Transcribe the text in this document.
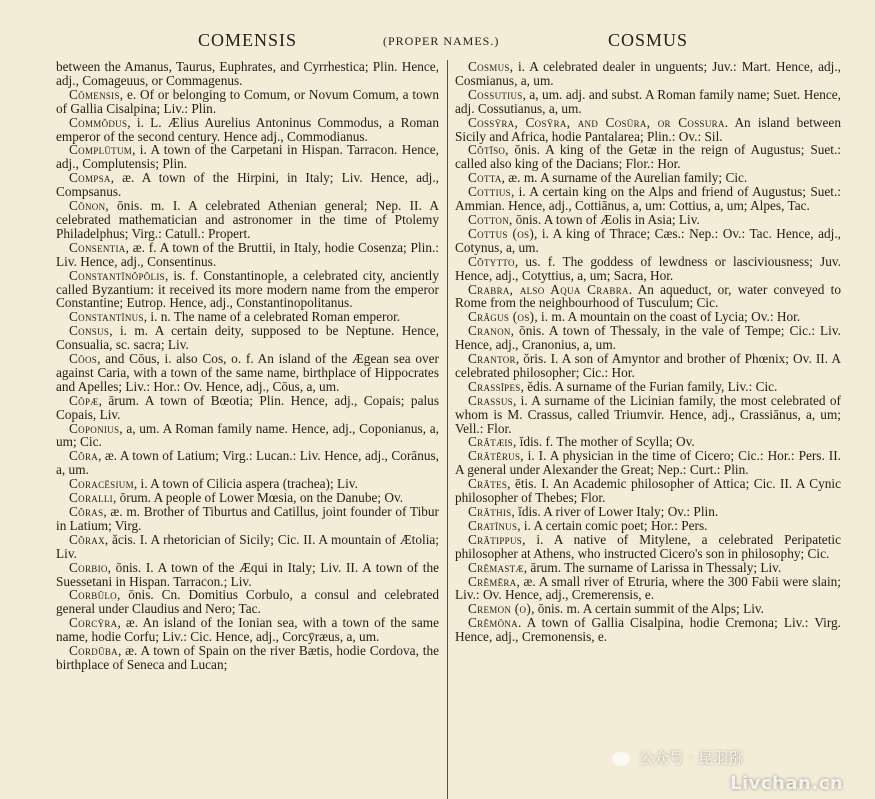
COMENSIS	(PROPER NAMES.)	COSMUS

between the Amanus, Taurus, Euphrates, and Cyrrhestica; Plin. Hence, adj., Comageuus, or Commagenus.

Cōmensis, e. Of or belonging to Comum, or Novum Comum, a town of Gallia Cisalpina; Liv.: Plin.

Commŏdus, i. L. Ælius Aurelius Antoninus Commodus, a Roman emperor of the second century. Hence adj., Commodianus.

Complūtum, i. A town of the Carpetani in Hispan. Tarracon. Hence, adj., Complutensis; Plin.

Compsa, æ. A town of the Hirpini, in Italy; Liv. Hence, adj., Compsanus.

Cŏnon, ōnis. m. I. A celebrated Athenian general; Nep. II. A celebrated mathematician and astronomer in the time of Ptolemy Philadelphus; Virg.: Catull.: Propert.

Consentia, æ. f. A town of the Bruttii, in Italy, hodie Cosenza; Plin.: Liv. Hence, adj., Consentinus.

Constantīnŏpŏlis, is. f. Constantinople, a celebrated city, anciently called Byzantium: it received its more modern name from the emperor Constantine; Eutrop. Hence, adj., Constantinopolitanus.

Constantīnus, i. n. The name of a celebrated Roman emperor.

Consus, i. m. A certain deity, supposed to be Neptune. Hence, Consualia, sc. sacra; Liv.

Cōos, and Cōus, i. also Cos, o. f. An island of the Ægean sea over against Caria, with a town of the same name, birthplace of Hippocrates and Apelles; Liv.: Hor.: Ov. Hence, adj., Cōus, a, um.

Cōpæ, ārum. A town of Bœotia; Plin. Hence, adj., Copais; palus Copais, Liv.

Coponius, a, um. A Roman family name. Hence, adj., Coponianus, a, um; Cic.

Cŏra, æ. A town of Latium; Virg.: Lucan.: Liv. Hence, adj., Corānus, a, um.

Coracēsium, i. A town of Cilicia aspera (trachea); Liv.

Coralli, ōrum. A people of Lower Mœsia, on the Danube; Ov.

Cŏras, æ. m. Brother of Tiburtus and Catillus, joint founder of Tibur in Latium; Virg.

Cŏrax, ăcis. I. A rhetorician of Sicily; Cic. II. A mountain of Ætolia; Liv.

Corbio, ōnis. I. A town of the Æqui in Italy; Liv. II. A town of the Suessetani in Hispan. Tarracon.; Liv.

Corbŭlo, ōnis. Cn. Domitius Corbulo, a consul and celebrated general under Claudius and Nero; Tac.

Corcȳra, æ. An island of the Ionian sea, with a town of the same name, hodie Corfu; Liv.: Cic. Hence, adj., Corcȳræus, a, um.

Cordŭba, æ. A town of Spain on the river Bætis, hodie Cordova, the birthplace of Seneca and Lucan;

Cosmus, i. A celebrated dealer in unguents; Juv.: Mart. Hence, adj., Cosmianus, a, um.

Cossutius, a, um. adj. and subst. A Roman family name; Suet. Hence, adj. Cossutianus, a, um.

Cossȳra, Cosȳra, and Cosūra, or Cossura. An island between Sicily and Africa, hodie Pantalarea; Plin.: Ov.: Sil.

Cŏtĭso, ōnis. A king of the Getæ in the reign of Augustus; Suet.: called also king of the Dacians; Flor.: Hor.

Cotta, æ. m. A surname of the Aurelian family; Cic.

Cottius, i. A certain king on the Alps and friend of Augustus; Suet.: Ammian. Hence, adj., Cottiānus, a, um: Cottius, a, um; Alpes, Tac.

Cotton, ōnis. A town of Æolis in Asia; Liv.

Cottus (os), i. A king of Thrace; Cæs.: Nep.: Ov.: Tac. Hence, adj., Cotynus, a, um.

Cŏtytto, us. f. The goddess of lewdness or lasciviousness; Juv. Hence, adj., Cotyttius, a, um; Sacra, Hor.

Crabra, also Aqua Crabra. An aqueduct, or, water conveyed to Rome from the neighbourhood of Tusculum; Cic.

Crăgus (os), i. m. A mountain on the coast of Lycia; Ov.: Hor.

Cranon, ōnis. A town of Thessaly, in the vale of Tempe; Cic.: Liv. Hence, adj., Cranonius, a, um.

Crantor, ŏris. I. A son of Amyntor and brother of Phœnix; Ov. II. A celebrated philosopher; Cic.: Hor.

Crassĭpes, ĕdis. A surname of the Furian family, Liv.: Cic.

Crassus, i. A surname of the Licinian family, the most celebrated of whom is M. Crassus, called Triumvir. Hence, adj., Crassiānus, a, um; Vell.: Flor.

Crătæis, ĭdis. f. The mother of Scylla; Ov.

Crătĕrus, i. I. A physician in the time of Cicero; Cic.: Hor.: Pers. II. A general under Alexander the Great; Nep.: Curt.: Plin.

Crătes, ētis. I. An Academic philosopher of Attica; Cic. II. A Cynic philosopher of Thebes; Flor.

Crăthis, ĭdis. A river of Lower Italy; Ov.: Plin.

Cratīnus, i. A certain comic poet; Hor.: Pers.

Crătippus, i. A native of Mitylene, a celebrated Peripatetic philosopher at Athens, who instructed Cicero's son in philosophy; Cic.

Crĕmastæ, ārum. The surname of Larissa in Thessaly; Liv.

Crĕmĕra, æ. A small river of Etruria, where the 300 Fabii were slain; Liv.: Ov. Hence, adj., Cremerensis, e.

Cremon (o), ōnis. m. A certain summit of the Alps; Liv.

Crĕmōna. A town of Gallia Cisalpina, hodie Cremona; Liv.: Virg. Hence, adj., Cremonensis, e.

公众号 · 昆羽猕
Livchan.cn
